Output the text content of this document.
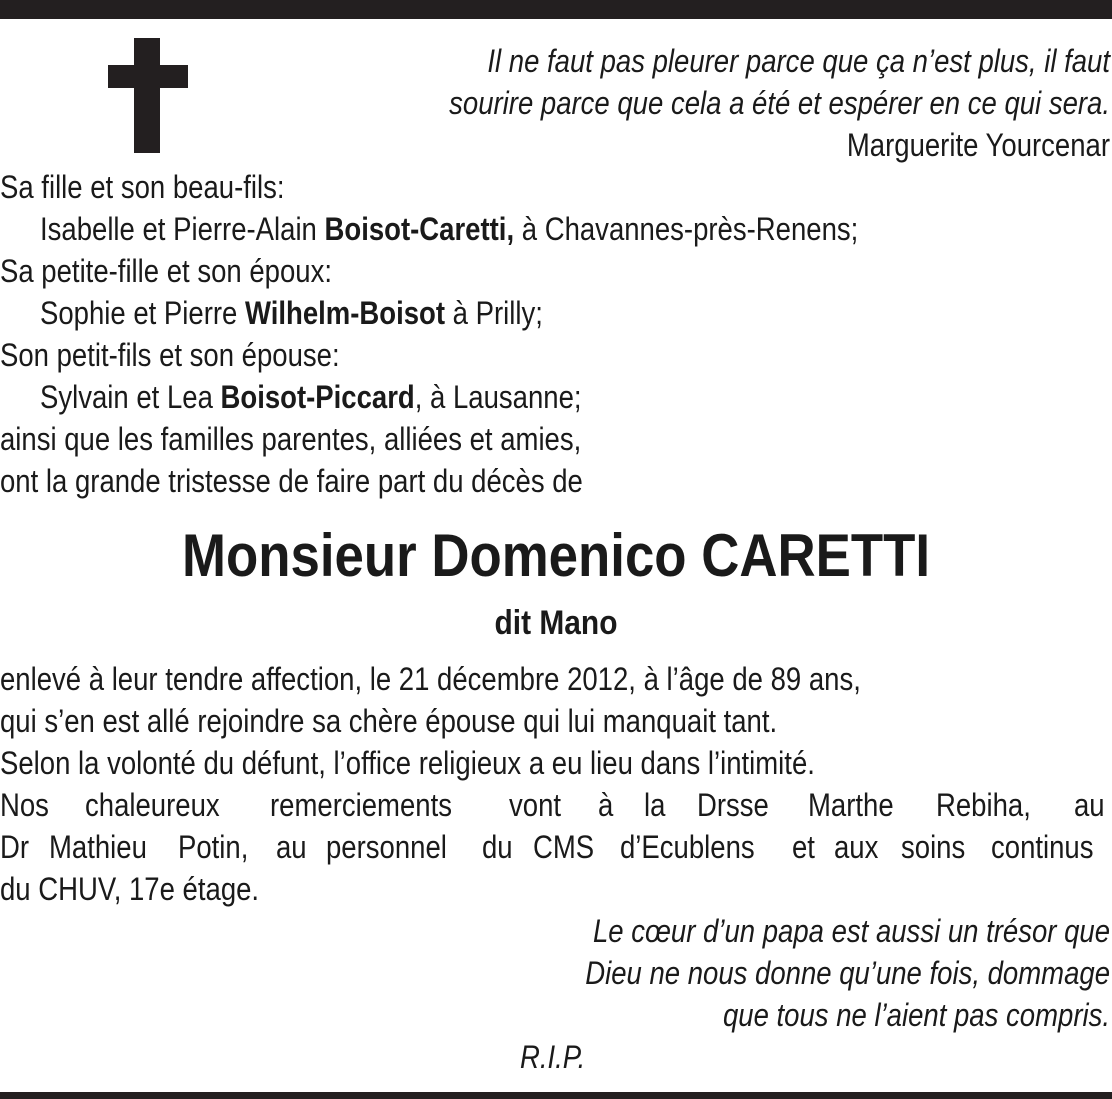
Il ne faut pas pleurer parce que ça n’est plus, il faut
sourire parce que cela a été et espérer en ce qui sera.
Marguerite Yourcenar
Sa fille et son beau-fils:
Isabelle et Pierre-Alain Boisot-Caretti, à Chavannes-près-Renens;
Sa petite-fille et son époux:
Sophie et Pierre Wilhelm-Boisot à Prilly;
Son petit-fils et son épouse:
Sylvain et Lea Boisot-Piccard, à Lausanne;
ainsi que les familles parentes, alliées et amies,
ont la grande tristesse de faire part du décès de
Monsieur Domenico CARETTI
dit Mano
enlevé à leur tendre affection, le 21 décembre 2012, à l’âge de 89 ans,
qui s’en est allé rejoindre sa chère épouse qui lui manquait tant.
Selon la volonté du défunt, l’office religieux a eu lieu dans l’intimité.
Nos chaleureux remerciements vont à la Drsse Marthe Rebiha, au
Dr Mathieu Potin, au personnel du CMS d’Ecublens et aux soins continus
du CHUV, 17e étage.
Le cœur d’un papa est aussi un trésor que
Dieu ne nous donne qu’une fois, dommage
que tous ne l’aient pas compris.
R.I.P.
